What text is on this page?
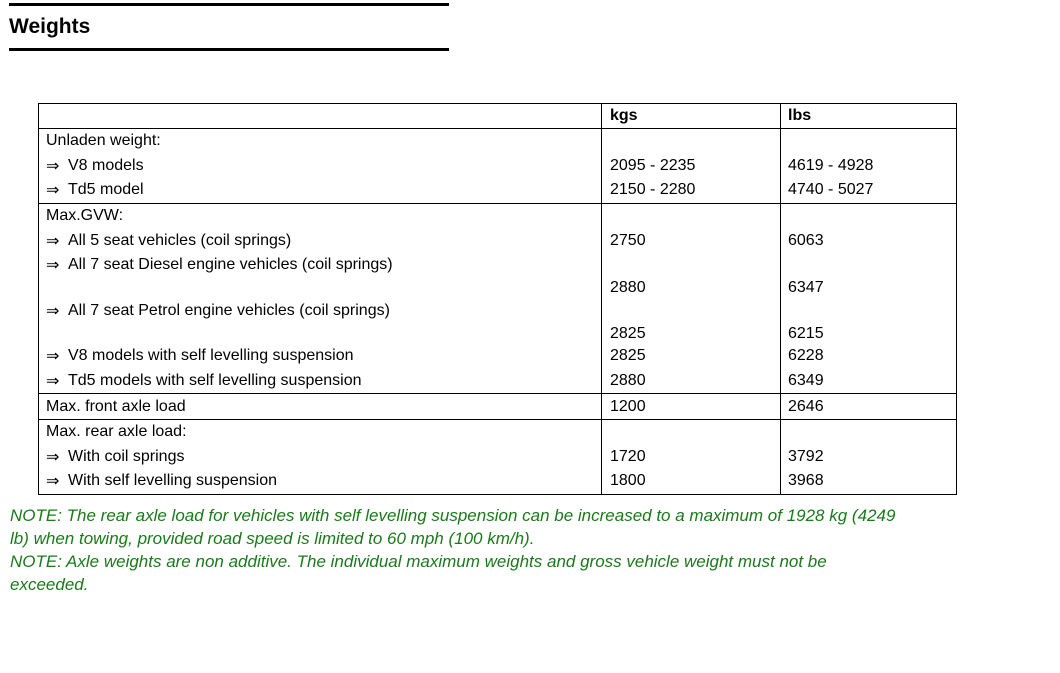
Weights
kgs	lbs
Unladen weight:
⇒ V8 models	2095 - 2235	4619 - 4928
⇒ Td5 model	2150 - 2280	4740 - 5027
Max.GVW:
⇒ All 5 seat vehicles (coil springs)	2750	6063
⇒ All 7 seat Diesel engine vehicles (coil springs)
2880	6347
⇒ All 7 seat Petrol engine vehicles (coil springs)
2825	6215
⇒ V8 models with self levelling suspension	2825	6228
⇒ Td5 models with self levelling suspension	2880	6349
Max. front axle load	1200	2646
Max. rear axle load:
⇒ With coil springs	1720	3792
⇒ With self levelling suspension	1800	3968

NOTE: The rear axle load for vehicles with self levelling suspension can be increased to a maximum of 1928 kg (4249

lb) when towing, provided road speed is limited to 60 mph (100 km/h).

NOTE: Axle weights are non additive. The individual maximum weights and gross vehicle weight must not be

exceeded.
